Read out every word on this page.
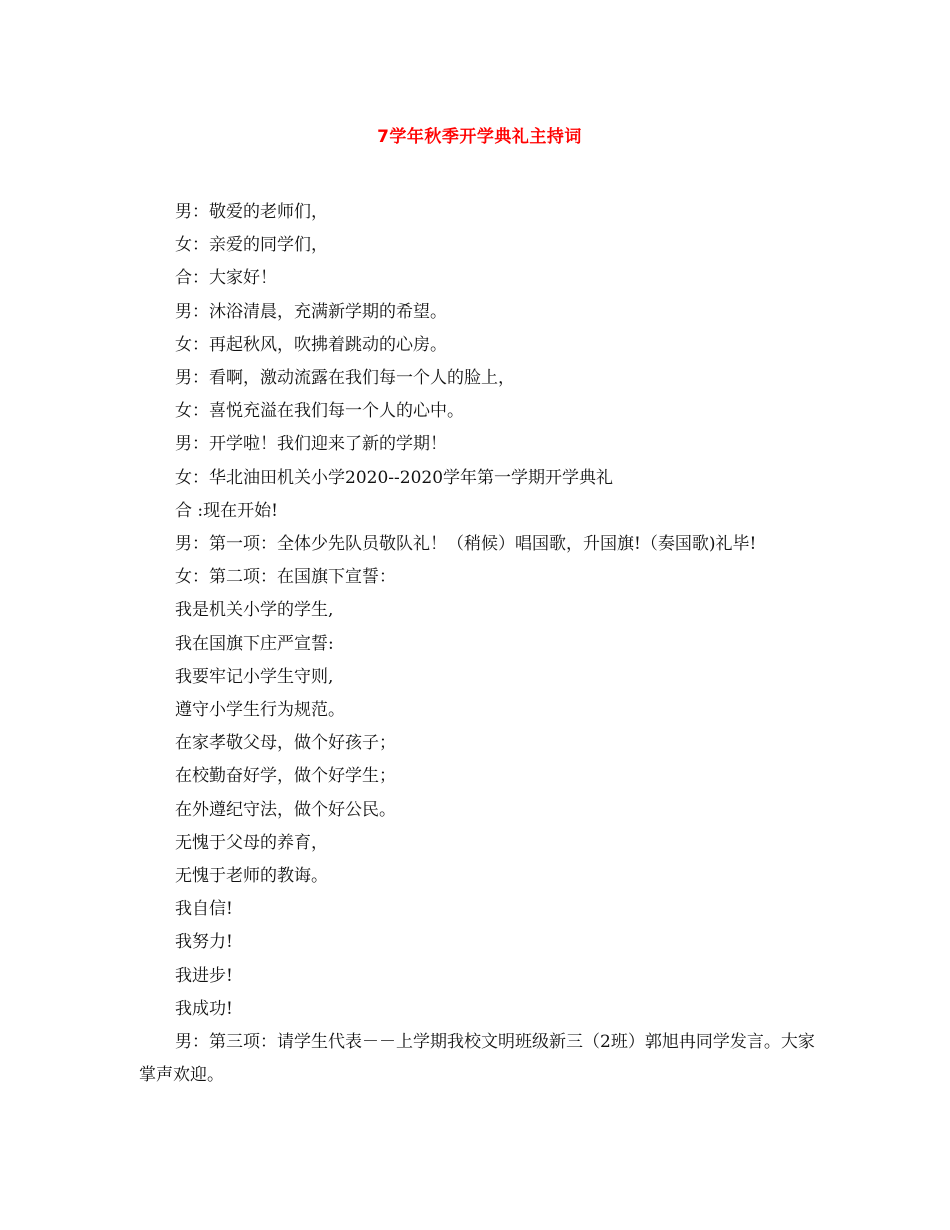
7学年秋季开学典礼主持词

男：敬爱的老师们，

女：亲爱的同学们，

合：大家好！

男：沐浴清晨，充满新学期的希望。

女：再起秋风，吹拂着跳动的心房。

男：看啊，激动流露在我们每一个人的脸上，

女：喜悦充溢在我们每一个人的心中。

男：开学啦！我们迎来了新的学期！

女：华北油田机关小学2020--2020学年第一学期开学典礼

合 :现在开始!

男：第一项：全体少先队员敬队礼！（稍候）唱国歌，升国旗!（奏国歌)礼毕!

女：第二项：在国旗下宣誓：

我是机关小学的学生,

我在国旗下庄严宣誓:

我要牢记小学生守则,

遵守小学生行为规范。

在家孝敬父母，做个好孩子；

在校勤奋好学，做个好学生；

在外遵纪守法，做个好公民。

无愧于父母的养育，

无愧于老师的教诲。

我自信!

我努力!

我进步!

我成功!

男：第三项：请学生代表－－上学期我校文明班级新三（2班）郭旭冉同学发言。大家掌声欢迎。
